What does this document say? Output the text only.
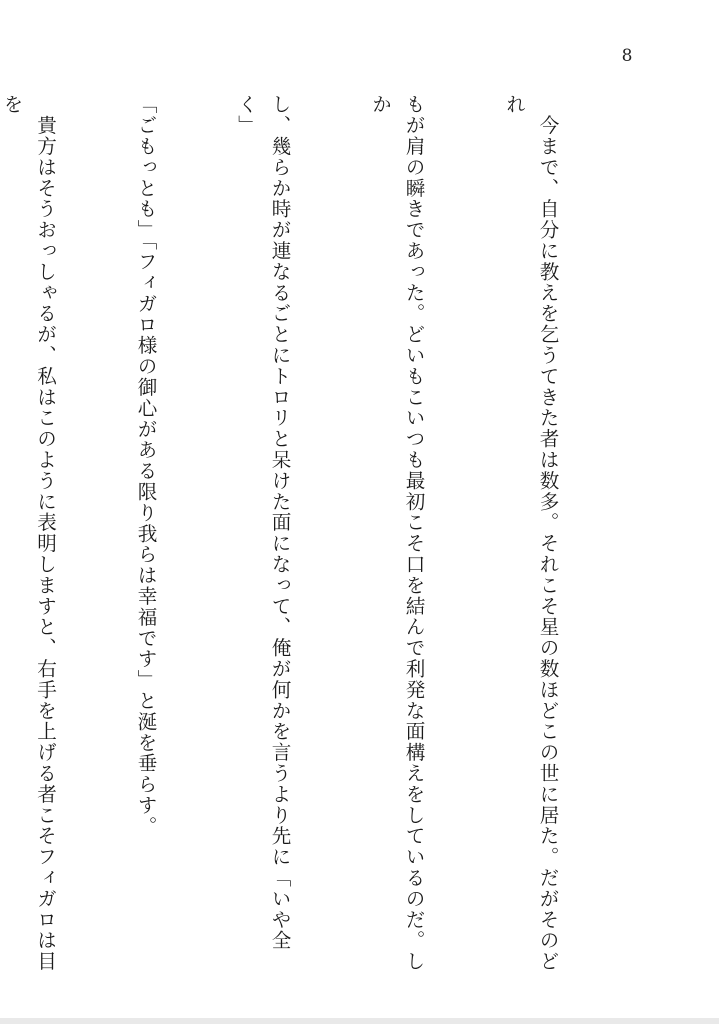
8

　今まで、自分に教えを乞うてきた者は数多。それこそ星の数ほどこの世に居た。だがそのどれ

もが肩の瞬きであった。どいもこいつも最初こそ口を結んで利発な面構えをしているのだ。しか

し、幾らか時が連なるごとにトロリと呆けた面になって、俺が何かを言うより先に「いや全く」

「ごもっとも」「フィガロ様の御心がある限り我らは幸福です」と涎を垂らす。

　貴方はそうおっしゃるが、私はこのように表明しますと、右手を上げる者こそフィガロは目を
